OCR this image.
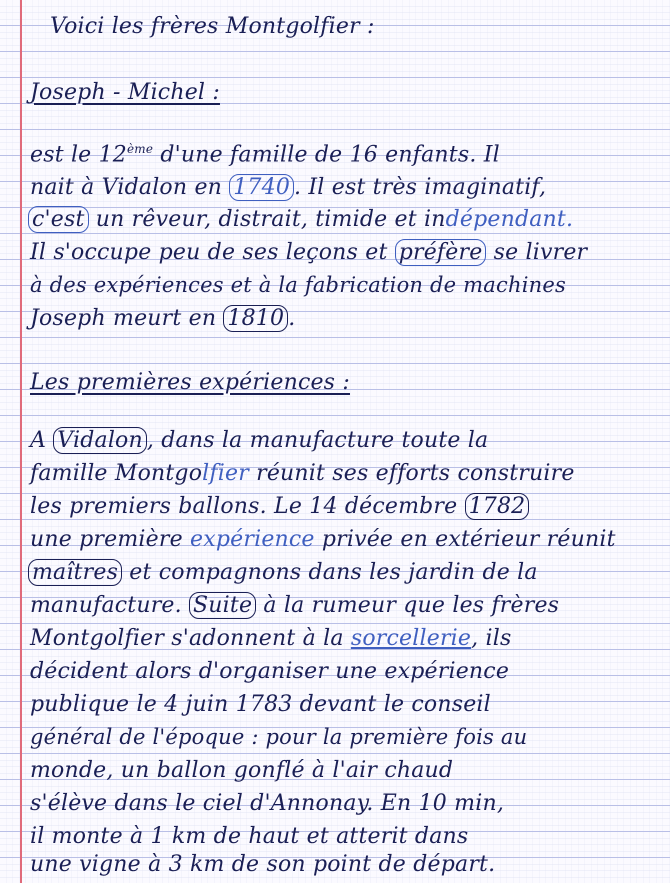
Voici les frères Montgolfier :
Joseph - Michel :
est le 12ème d'une famille de 16 enfants. Il
nait à Vidalon en 1740 . Il est très imaginatif,
c'est un rêveur, distrait, timide et indépendant.
Il s'occupe peu de ses leçons et préfère se livrer
à des expériences et à la fabrication de machines
Joseph meurt en 1810 .
Les premières expériences :
A Vidalon , dans la manufacture toute la
famille Montgolfier réunit ses efforts construire
les premiers ballons. Le 14 décembre 1782
une première expérience privée en extérieur réunit
maîtres et compagnons dans les jardin de la
manufacture. Suite à la rumeur que les frères
Montgolfier s'adonnent à la sorcellerie, ils
décident alors d'organiser une expérience
publique le 4 juin 1783 devant le conseil
général de l'époque : pour la première fois au
monde, un ballon gonflé à l'air chaud
s'élève dans le ciel d'Annonay. En 10 min,
il monte à 1 km de haut et atterit dans
une vigne à 3 km de son point de départ.
